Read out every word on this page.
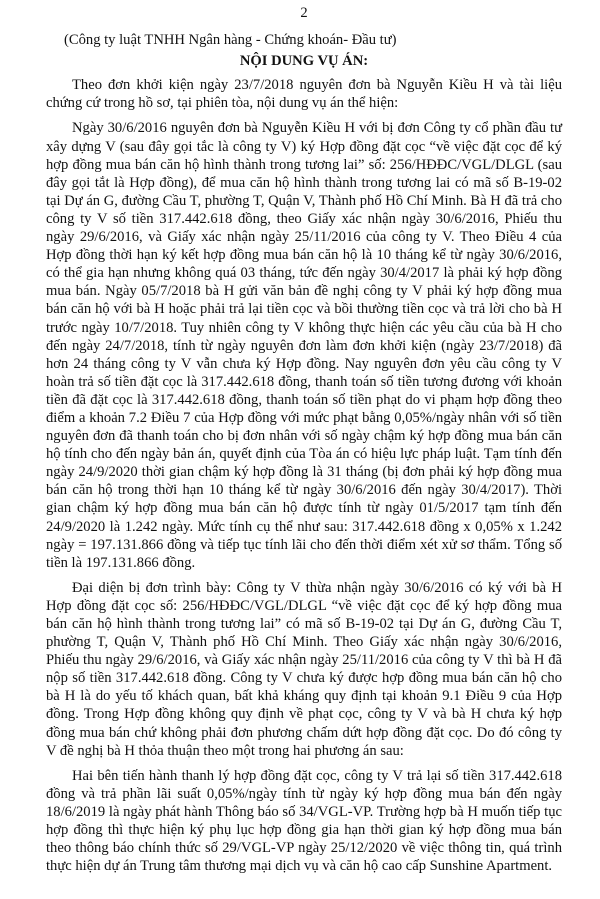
2
(Công ty luật TNHH Ngân hàng - Chứng khoán- Đầu tư)
NỘI DUNG VỤ ÁN:

Theo đơn khởi kiện ngày 23/7/2018 nguyên đơn bà Nguyễn Kiều H và tài liệu chứng cứ trong hồ sơ, tại phiên tòa, nội dung vụ án thể hiện:

Ngày 30/6/2016 nguyên đơn bà Nguyễn Kiều H với bị đơn Công ty cổ phần đầu tư xây dựng V (sau đây gọi tắc là công ty V) ký Hợp đồng đặt cọc “về việc đặt cọc để ký hợp đồng mua bán căn hộ hình thành trong tương lai” số: 256/HĐĐC/VGL/DLGL (sau đây gọi tắt là Hợp đồng), để mua căn hộ hình thành trong tương lai có mã số B-19-02 tại Dự án G, đường Cầu T, phường T, Quận V, Thành phố Hồ Chí Minh. Bà H đã trả cho công ty V số tiền 317.442.618 đồng, theo Giấy xác nhận ngày 30/6/2016, Phiếu thu ngày 29/6/2016, và Giấy xác nhận ngày 25/11/2016 của công ty V. Theo Điều 4 của Hợp đồng thời hạn ký kết hợp đồng mua bán căn hộ là 10 tháng kể từ ngày 30/6/2016, có thể gia hạn nhưng không quá 03 tháng, tức đến ngày 30/4/2017 là phải ký hợp đồng mua bán. Ngày 05/7/2018 bà H gửi văn bản đề nghị công ty V phải ký hợp đồng mua bán căn hộ với bà H hoặc phải trả lại tiền cọc và bồi thường tiền cọc và trả lời cho bà H trước ngày 10/7/2018. Tuy nhiên công ty V không thực hiện các yêu cầu của bà H cho đến ngày 24/7/2018, tính từ ngày nguyên đơn làm đơn khởi kiện (ngày 23/7/2018) đã hơn 24 tháng công ty V vẫn chưa ký Hợp đồng. Nay nguyên đơn yêu cầu công ty V hoàn trả số tiền đặt cọc là 317.442.618 đồng, thanh toán số tiền tương đương với khoản tiền đã đặt cọc là 317.442.618 đồng, thanh toán số tiền phạt do vi phạm hợp đồng theo điểm a khoản 7.2 Điều 7 của Hợp đồng với mức phạt bằng 0,05%/ngày nhân với số tiền nguyên đơn đã thanh toán cho bị đơn nhân với số ngày chậm ký hợp đồng mua bán căn hộ tính cho đến ngày bản án, quyết định của Tòa án có hiệu lực pháp luật. Tạm tính đến ngày 24/9/2020 thời gian chậm ký hợp đồng là 31 tháng (bị đơn phải ký hợp đồng mua bán căn hộ trong thời hạn 10 tháng kể từ ngày 30/6/2016 đến ngày 30/4/2017). Thời gian chậm ký hợp đồng mua bán căn hộ được tính từ ngày 01/5/2017 tạm tính đến 24/9/2020 là 1.242 ngày. Mức tính cụ thể như sau: 317.442.618 đồng x 0,05% x 1.242 ngày = 197.131.866 đồng và tiếp tục tính lãi cho đến thời điểm xét xử sơ thẩm. Tổng số tiền là 197.131.866 đồng.

Đại diện bị đơn trình bày: Công ty V thừa nhận ngày 30/6/2016 có ký với bà H Hợp đồng đặt cọc số: 256/HĐĐC/VGL/DLGL “về việc đặt cọc để ký hợp đồng mua bán căn hộ hình thành trong tương lai” có mã số B-19-02 tại Dự án G, đường Cầu T, phường T, Quận V, Thành phố Hồ Chí Minh. Theo Giấy xác nhận ngày 30/6/2016, Phiếu thu ngày 29/6/2016, và Giấy xác nhận ngày 25/11/2016 của công ty V thì bà H đã nộp số tiền 317.442.618 đồng. Công ty V chưa ký được hợp đồng mua bán căn hộ cho bà H là do yếu tố khách quan, bất khả kháng quy định tại khoản 9.1 Điều 9 của Hợp đồng. Trong Hợp đồng không quy định về phạt cọc, công ty V và bà H chưa ký hợp đồng mua bán chứ không phải đơn phương chấm dứt hợp đồng đặt cọc. Do đó công ty V đề nghị bà H thỏa thuận theo một trong hai phương án sau:

Hai bên tiến hành thanh lý hợp đồng đặt cọc, công ty V trả lại số tiền 317.442.618 đồng và trả phần lãi suất 0,05%/ngày tính từ ngày ký hợp đồng mua bán đến ngày 18/6/2019 là ngày phát hành Thông báo số 34/VGL-VP. Trường hợp bà H muốn tiếp tục hợp đồng thì thực hiện ký phụ lục hợp đồng gia hạn thời gian ký hợp đồng mua bán theo thông báo chính thức số 29/VGL-VP ngày 25/12/2020 về việc thông tin, quá trình thực hiện dự án Trung tâm thương mại dịch vụ và căn hộ cao cấp Sunshine Apartment.
